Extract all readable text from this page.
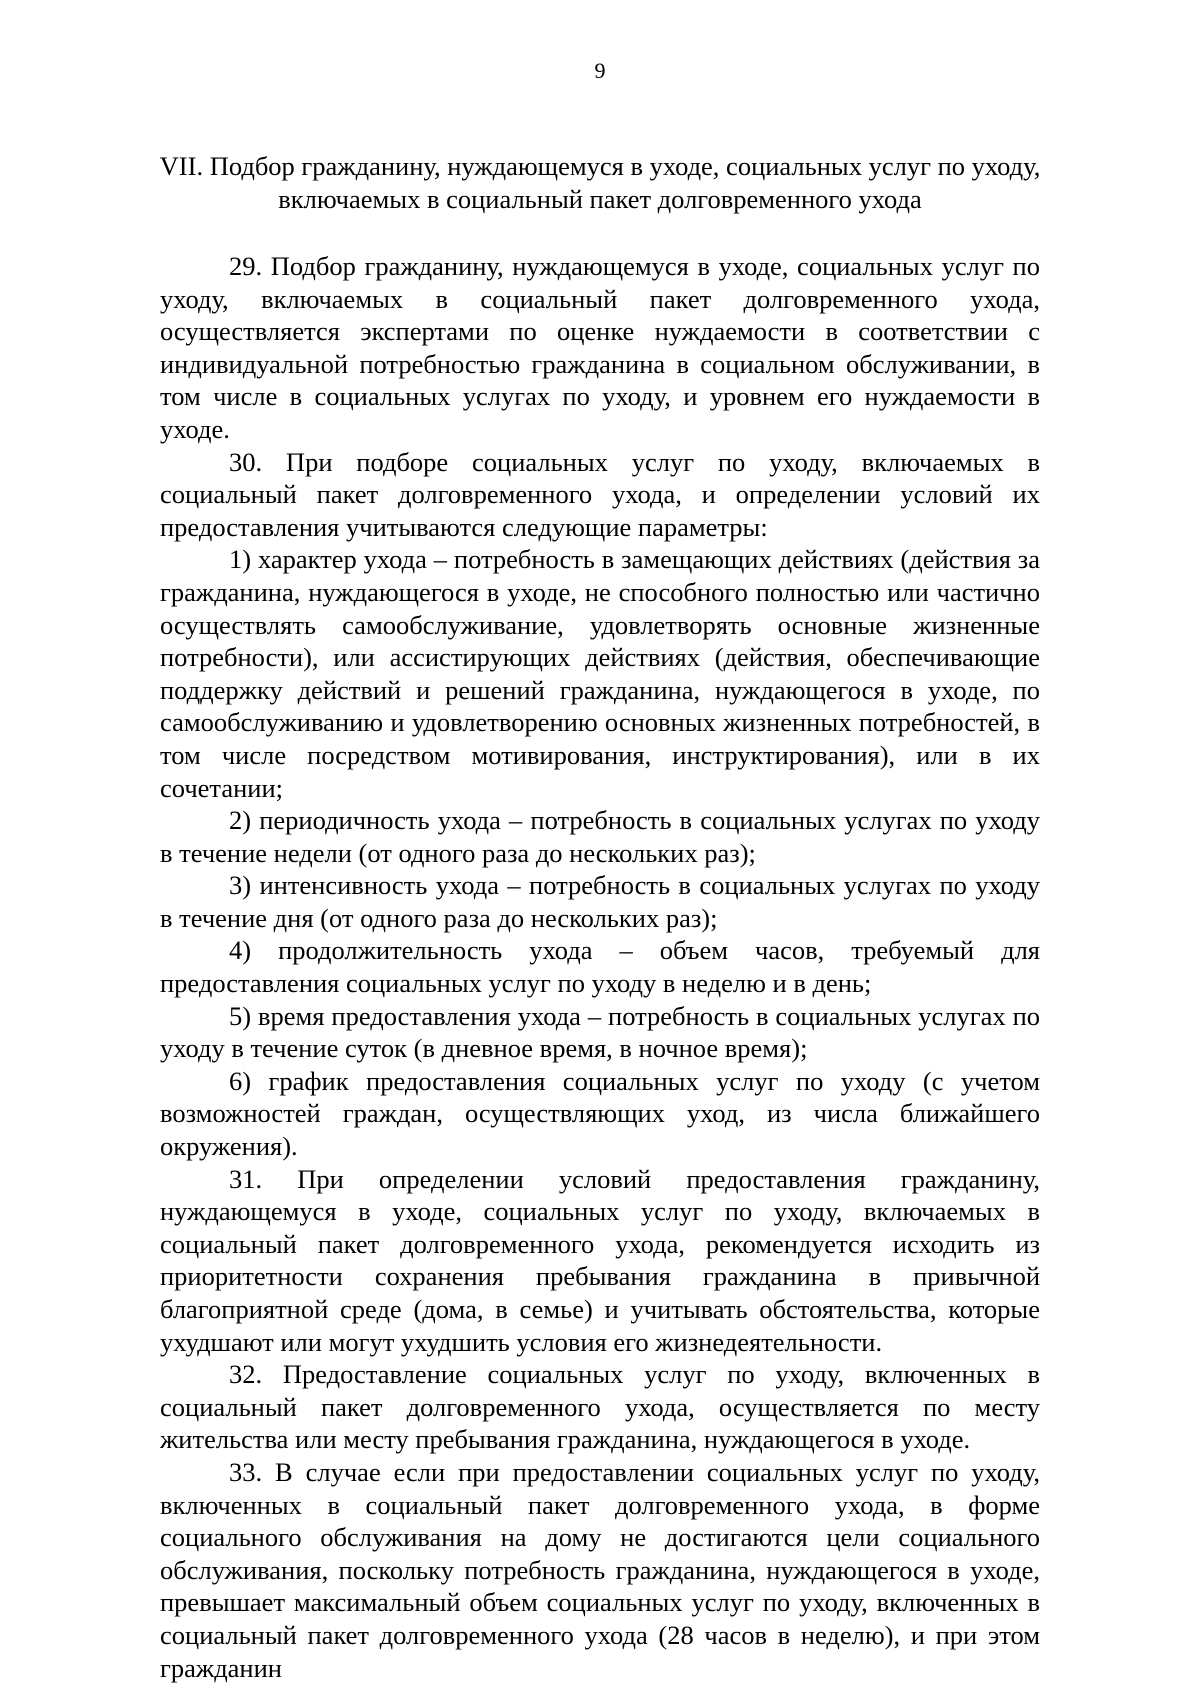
9
VII. Подбор гражданину, нуждающемуся в уходе, социальных услуг по уходу,
включаемых в социальный пакет долговременного ухода

29. Подбор гражданину, нуждающемуся в уходе, социальных услуг по уходу, включаемых в социальный пакет долговременного ухода, осуществляется экспертами по оценке нуждаемости в соответствии с индивидуальной потребностью гражданина в социальном обслуживании, в том числе в социальных услугах по уходу, и уровнем его нуждаемости в уходе.

30. При подборе социальных услуг по уходу, включаемых в социальный пакет долговременного ухода, и определении условий их предоставления учитываются следующие параметры:

1) характер ухода – потребность в замещающих действиях (действия за гражданина, нуждающегося в уходе, не способного полностью или частично осуществлять самообслуживание, удовлетворять основные жизненные потребности), или ассистирующих действиях (действия, обеспечивающие поддержку действий и решений гражданина, нуждающегося в уходе, по самообслуживанию и удовлетворению основных жизненных потребностей, в том числе посредством мотивирования, инструктирования), или в их сочетании;

2) периодичность ухода – потребность в социальных услугах по уходу в течение недели (от одного раза до нескольких раз);

3) интенсивность ухода – потребность в социальных услугах по уходу в течение дня (от одного раза до нескольких раз);

4) продолжительность ухода – объем часов, требуемый для предоставления социальных услуг по уходу в неделю и в день;

5) время предоставления ухода – потребность в социальных услугах по уходу в течение суток (в дневное время, в ночное время);

6) график предоставления социальных услуг по уходу (с учетом возможностей граждан, осуществляющих уход, из числа ближайшего окружения).

31. При определении условий предоставления гражданину, нуждающемуся в уходе, социальных услуг по уходу, включаемых в социальный пакет долговременного ухода, рекомендуется исходить из приоритетности сохранения пребывания гражданина в привычной благоприятной среде (дома, в семье) и учитывать обстоятельства, которые ухудшают или могут ухудшить условия его жизнедеятельности.

32. Предоставление социальных услуг по уходу, включенных в социальный пакет долговременного ухода, осуществляется по месту жительства или месту пребывания гражданина, нуждающегося в уходе.

33. В случае если при предоставлении социальных услуг по уходу, включенных в социальный пакет долговременного ухода, в форме социального обслуживания на дому не достигаются цели социального обслуживания, поскольку потребность гражданина, нуждающегося в уходе, превышает максимальный объем социальных услуг по уходу, включенных в социальный пакет долговременного ухода (28 часов в неделю), и при этом гражданин
